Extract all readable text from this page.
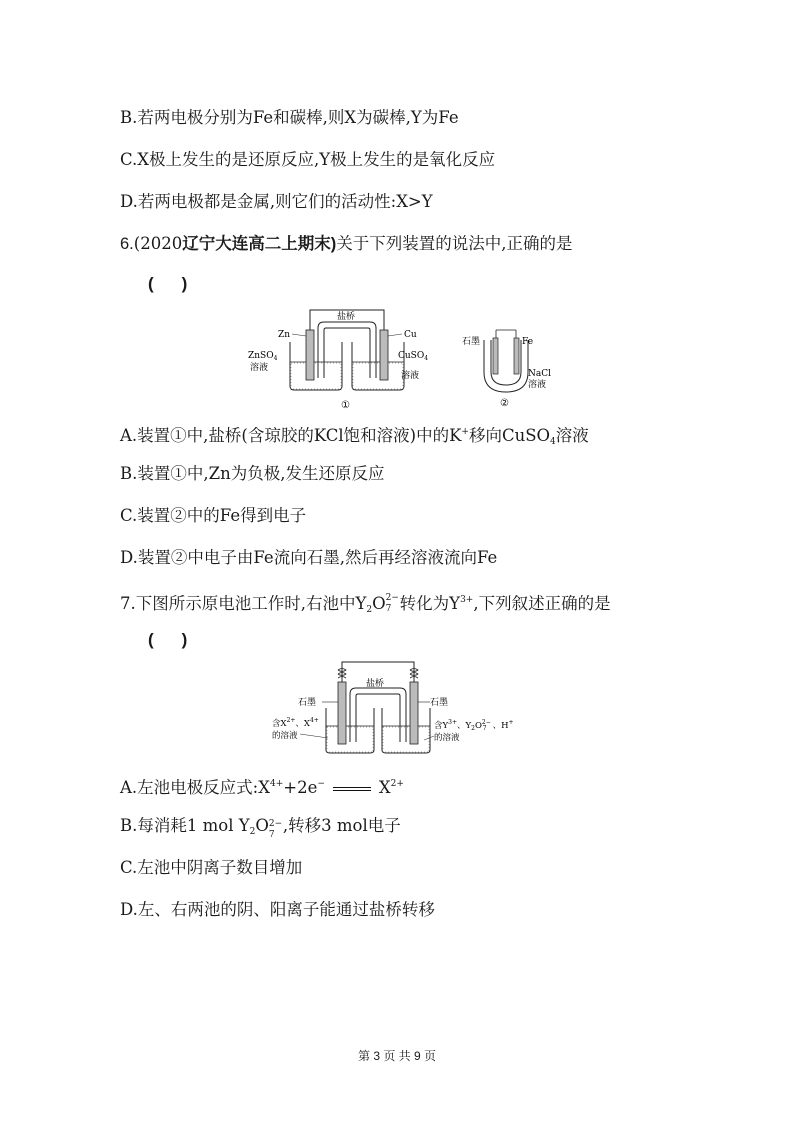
B.若两电极分别为Fe和碳棒,则X为碳棒,Y为Fe
C.X极上发生的是还原反应,Y极上发生的是氧化反应
D.若两电极都是金属,则它们的活动性:X>Y
6.(2020辽宁大连高二上期末)关于下列装置的说法中,正确的是
( )
盐桥
Zn	Cu
ZnSO$_4$
溶液
CuSO$_4$
溶液
①
石墨	Fe
NaCl
溶液
②
A.装置①中,盐桥(含琼胶的KCl饱和溶液)中的K+移向CuSO$_4$溶液
B.装置①中,Zn为负极,发生还原反应
C.装置②中的Fe得到电子
D.装置②中电子由Fe流向石墨,然后再经溶液流向Fe
7.下图所示原电池工作时,右池中$Y_2O$ 2−
7 转化为$Y^{3+}$,下列叙述正确的是
( )
盐桥
石墨	石墨
含$X^{2+}$、$X^{4+}$
的溶液
含$Y^{3+}$、$Y_2O^{2-}$ 7 、H+
的溶液
A.左池电极反应式$:X^{4+}+2e^-$	$X^{2+}$
B.每消耗1 mol $Y_2O$ 2−
7 ,转移3 mol电子
C.左池中阴离子数目增加
D.左、右两池的阴、阳离子能通过盐桥转移
第 3 页 共 9 页
